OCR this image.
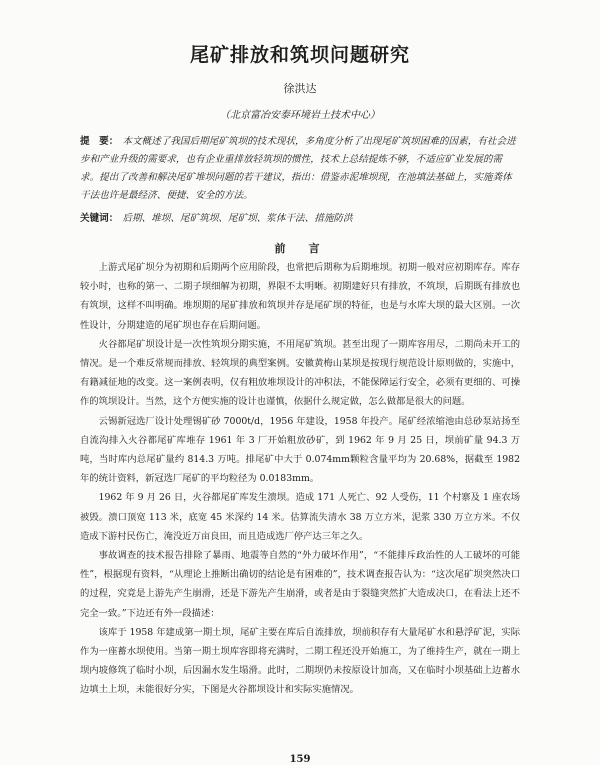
尾矿排放和筑坝问题研究
徐洪达
（北京富冶安泰环境岩土技术中心）
提　要： 本文概述了我国后期尾矿筑坝的技术现状，多角度分析了出现尾矿筑坝困难的因素，有社会进步和产业升级的需要求，也有企业重排放轻筑坝的惯性，技术上总结提炼不够，不适应矿业发展的需求。提出了改善和解决尾矿堆坝问题的若干建议，指出：借鉴赤泥堆坝现，在池填法基础上，实施粪体干法也许是最经济、便捷、安全的方法。
关键词： 后期、堆坝、尾矿筑坝、尾矿坝、浆体干法、措施防洪
前　言

上游式尾矿坝分为初期和后期两个应用阶段，也常把后期称为后期堆坝。初期一般对应初期库存。库存较小时，也称的第一、二期子坝细解为初期，界限不太明晰。初期建好只有排放，不筑坝，后期既有排放也有筑坝，这样不叫明确。堆坝期的尾矿排放和筑坝并存是尾矿坝的特征，也是与水库大坝的最大区别。一次性设计，分期建造的尾矿坝也存在后期问题。

火谷都尾矿坝设计是一次性筑坝分期实施，不用尾矿筑坝。甚至出现了一期库容用尽，二期尚未开工的情况。是一个难反常规而排放、轻筑坝的典型案例。安徽黄梅山某坝是按现行规范设计原则做的，实施中，有籍减征地的改变。这一案例表明，仅有粗放堆坝设计的冲积法，不能保障运行安全，必须有更细的、可操作的筑坝设计。当然，这个方便实施的设计也谨慎，依据什么规定做，怎么做都是很大的问题。

云锡新冠选厂设计处理锡矿砂 7000t/d，1956 年建设，1958 年投产。尾矿经浓缩池由总砂泵站扬至自流沟排入火谷都尾矿库堆存 1961 年 3 厂开始粗放砂矿，到 1962 年 9 月 25 日，坝前矿量 94.3 万吨，当时库内总尾矿量约 814.3 万吨。排尾矿中大于 0.074mm颗粒含量平均为 20.68%，据截至 1982 年的统计资料，新冠选厂尾矿的平均粒径为 0.0183mm。

1962 年 9 月 26 日，火谷都尾矿库发生溃坝。造成 171 人死亡、92 人受伤，11 个村寨及 1 座农场被毁。溃口顶宽 113 米，底宽 45 米深约 14 米。估算流失清水 38 万立方米，泥浆 330 万立方米。不仅造成下游村民伤亡，淹没近万亩良田，而且造成选厂停产达三年之久。

事故调查的技术报告排除了暴雨、地震等自然的“外力破坏作用”，“不能排斥政治性的人工破坏的可能性”，根据现有资料，“从理论上推断出确切的结论是有困难的”，技术调查报告认为：“这次尾矿坝突然决口的过程，究竟是上游先产生崩滑，还是下游先产生崩滑，或者是由于裂缝突然扩大造成决口，在看法上还不完全一致。”下边还有外一段描述：

该库于 1958 年建成第一期土坝，尾矿主要在库后自流排放，坝前积存有大量尾矿水和悬浮矿泥，实际作为一座蓄水坝使用。当第一期土坝库容即将充满时，二期工程还没开始施工，为了维持生产，就在一期上坝内坡修筑了临时小坝，后因漏水发生塌滑。此时，二期坝仍未按原设计加高，又在临时小坝基础上边蓄水边填土上坝，未能很好分实，下图是火谷都坝设计和实际实施情况。

159
